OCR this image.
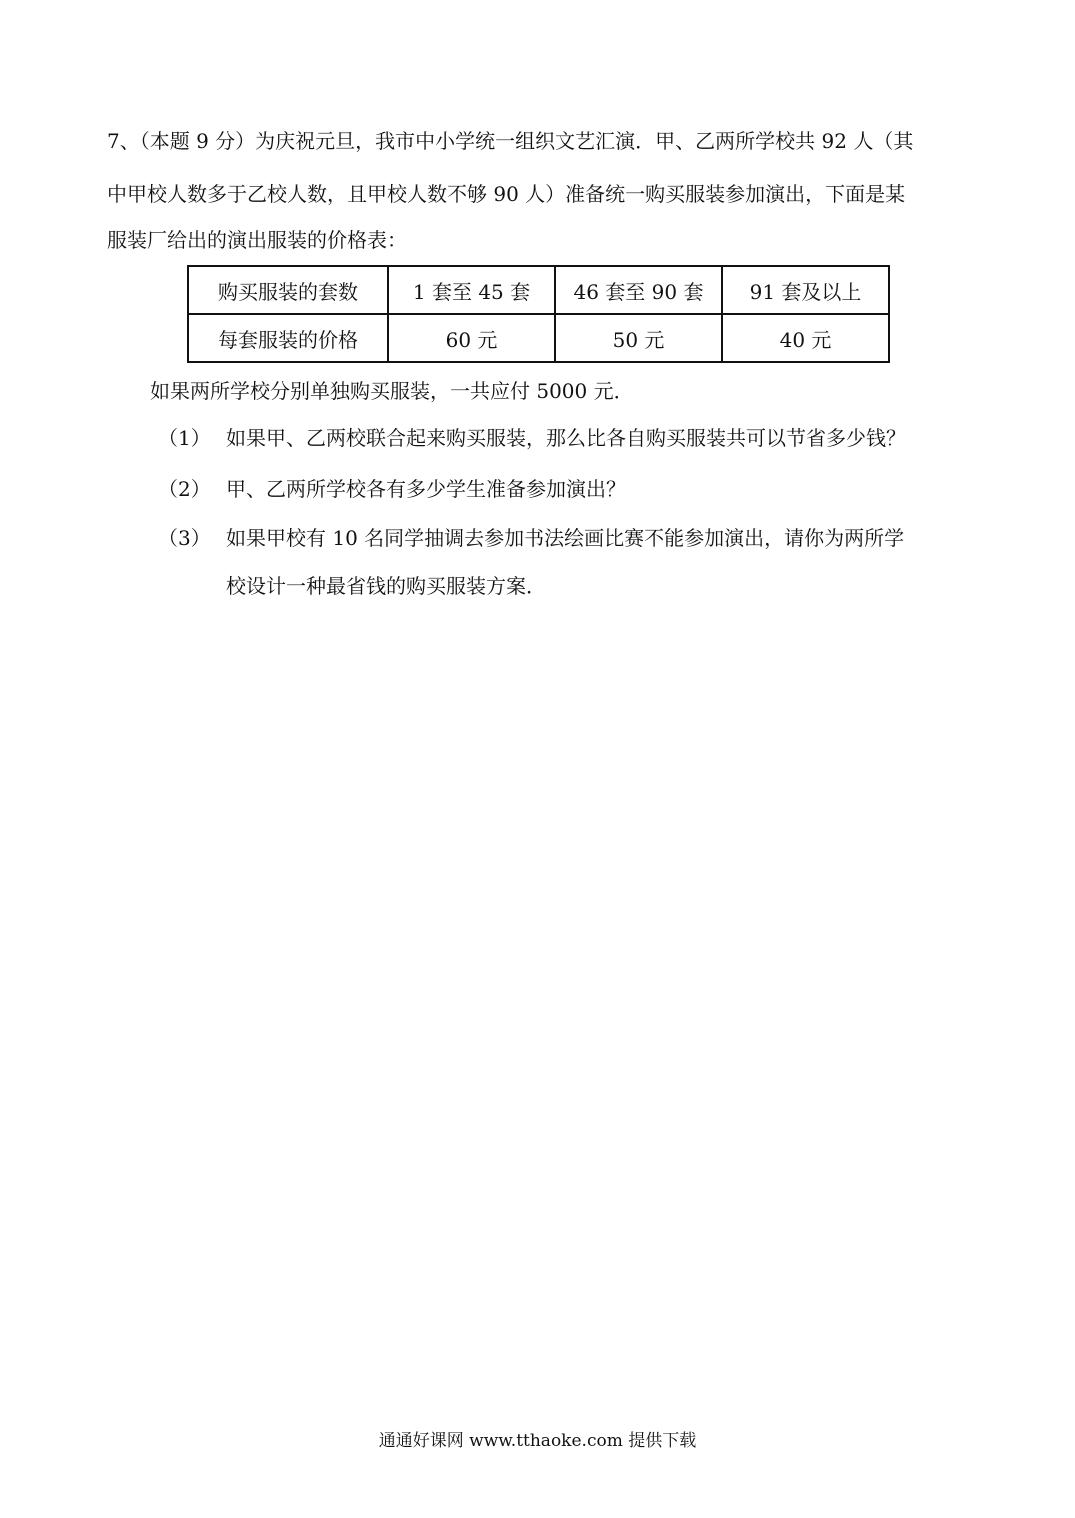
7、（本题 9 分）为庆祝元旦，我市中小学统一组织文艺汇演．甲、乙两所学校共 92 人（其
中甲校人数多于乙校人数，且甲校人数不够 90 人）准备统一购买服装参加演出，下面是某
服装厂给出的演出服装的价格表：
购买服装的套数	1 套至 45 套	46 套至 90 套	91 套及以上
每套服装的价格	60 元	50 元	40 元
如果两所学校分别单独购买服装，一共应付 5000 元．
（1） 如果甲、乙两校联合起来购买服装，那么比各自购买服装共可以节省多少钱？
（2） 甲、乙两所学校各有多少学生准备参加演出？
（3） 如果甲校有 10 名同学抽调去参加书法绘画比赛不能参加演出，请你为两所学
校设计一种最省钱的购买服装方案．
通通好课网 www.tthaoke.com 提供下载
